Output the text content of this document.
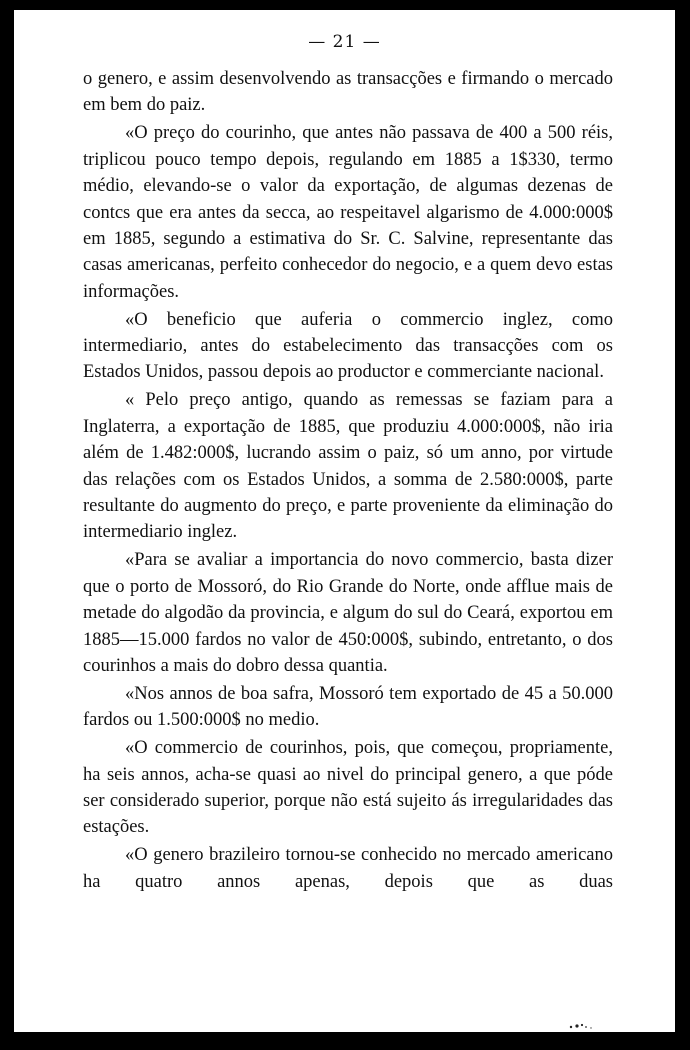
— 21 —

o genero, e assim desenvolvendo as transacções e firmando o mercado em bem do paiz.

«O preço do courinho, que antes não passava de 400 a 500 réis, triplicou pouco tempo depois, regulando em 1885 a 1$330, termo médio, elevando-se o valor da exportação, de algumas dezenas de contcs que era antes da secca, ao respeitavel algarismo de 4.000:000$ em 1885, segundo a estimativa do Sr. C. Salvine, representante das casas americanas, perfeito conhecedor do negocio, e a quem devo estas informações.

«O beneficio que auferia o commercio inglez, como intermediario, antes do estabelecimento das transacções com os Estados Unidos, passou depois ao productor e commerciante nacional.

« Pelo preço antigo, quando as remessas se faziam para a Inglaterra, a exportação de 1885, que produziu 4.000:000$, não iria além de 1.482:000$, lucrando assim o paiz, só um anno, por virtude das relações com os Estados Unidos, a somma de 2.580:000$, parte resultante do augmento do preço, e parte proveniente da eliminação do intermediario inglez.

«Para se avaliar a importancia do novo commercio, basta dizer que o porto de Mossoró, do Rio Grande do Norte, onde afflue mais de metade do algodão da provincia, e algum do sul do Ceará, exportou em 1885—15.000 fardos no valor de 450:000$, subindo, entretanto, o dos courinhos a mais do dobro dessa quantia.

«Nos annos de boa safra, Mossoró tem exportado de 45 a 50.000 fardos ou 1.500:000$ no medio.

«O commercio de courinhos, pois, que começou, propriamente, ha seis annos, acha-se quasi ao nivel do principal genero, a que póde ser considerado superior, porque não está sujeito ás irregularidades das estações.

«O genero brazileiro tornou-se conhecido no mercado americano ha quatro annos apenas, depois que as duas
